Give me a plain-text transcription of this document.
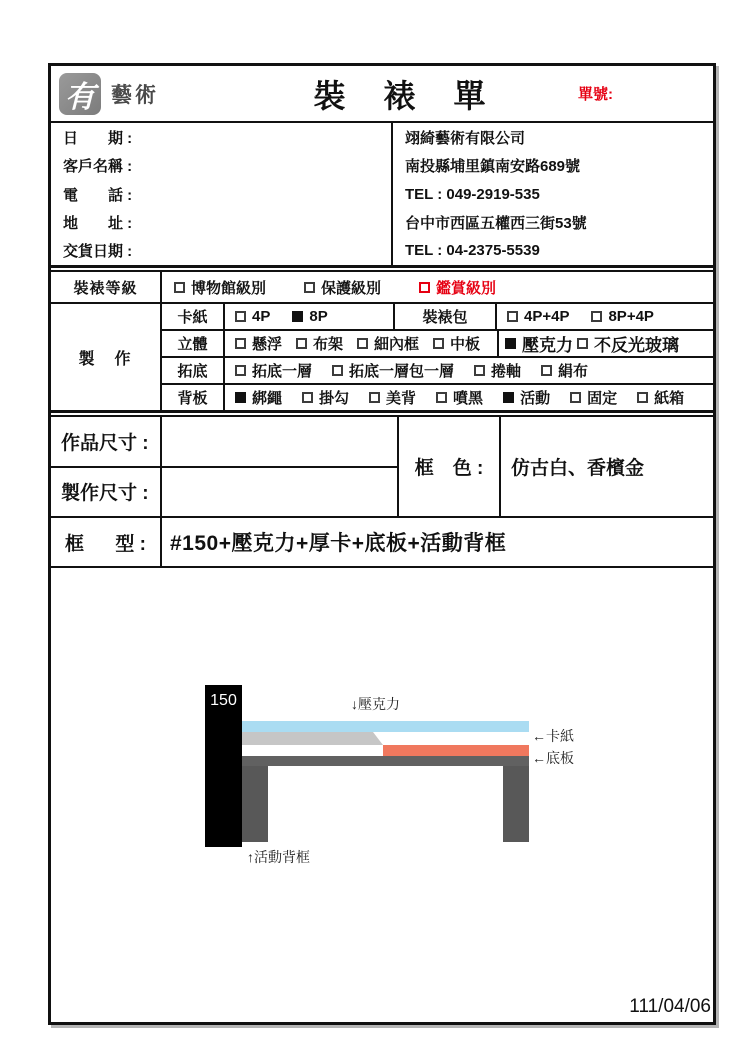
有 藝術	裝裱單	單號:
日　　期 :
客戶名稱 :
電　　話 :
地　　址 :
交貨日期 :
翊綺藝術有限公司
南投縣埔里鎮南安路689號
TEL : 049-2919-535
台中市西區五權西三街53號
TEL : 04-2375-5539
裝裱等級	博物館級別	保護級別	鑑賞級別
製　作
卡紙	4P	8P	裝裱包	4P+4P	8P+4P
立體	懸浮 布架 細內框 中板 壓克力 不反光玻璃
拓底	拓底一層 拓底一層包一層 捲軸 絹布
背板	綁繩 掛勾 美背 噴黑 活動 固定 紙箱
作品尺寸 :
製作尺寸 :
框　色 :	仿古白、香檳金
框 型 :	#150+壓克力+厚卡+底板+活動背框
150	↓壓克力
←卡紙
←底板
↑活動背框
111/04/06
